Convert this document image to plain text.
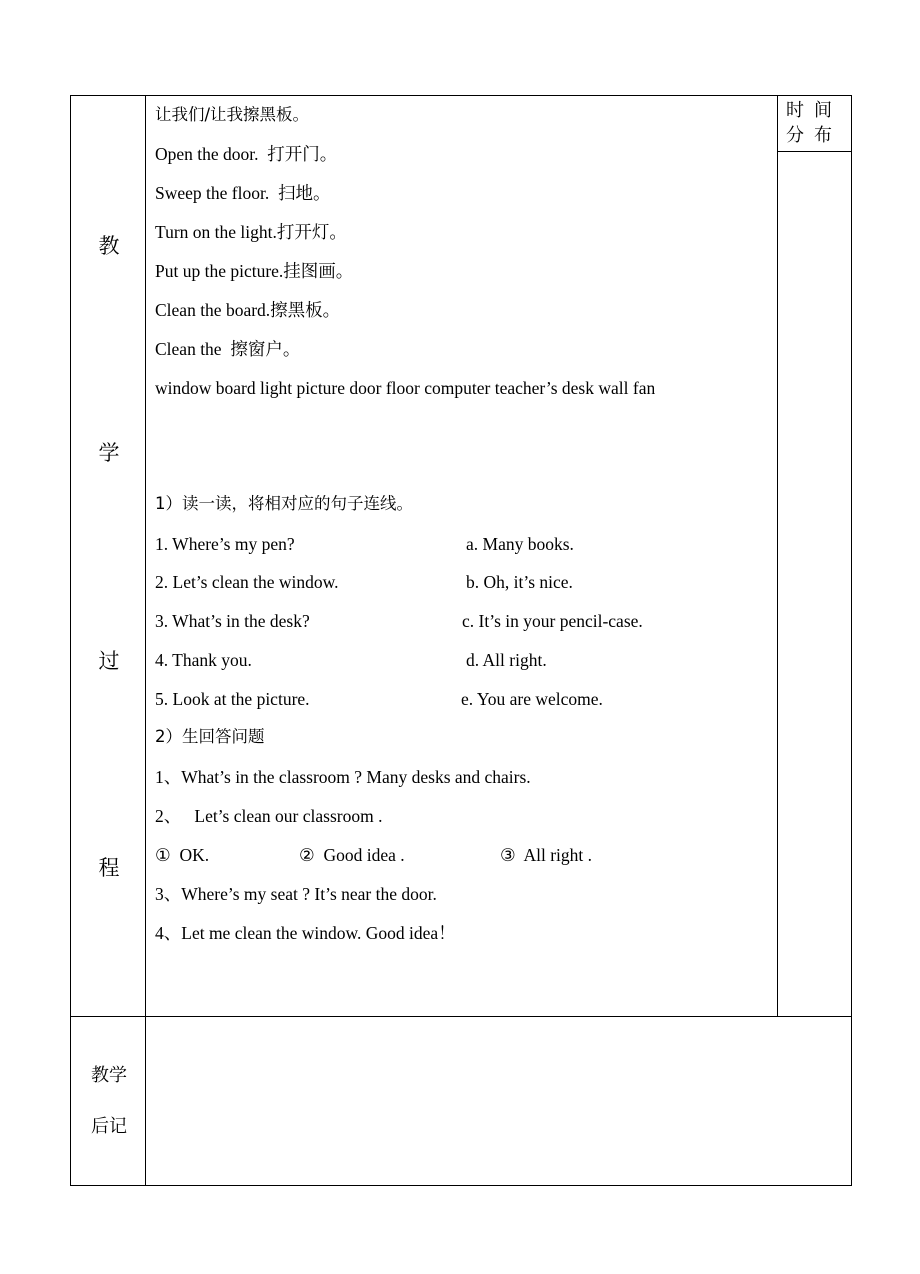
教
学
过
程
时间
分布
让我们/让我擦黑板。
Open the door.  打开门。
Sweep the floor.  扫地。
Turn on the light.打开灯。
Put up the picture.挂图画。
Clean the board.擦黑板。
Clean the  擦窗户。
window board light picture door floor computer teacher’s desk wall fan
1）读一读，将相对应的句子连线。
1. Where’s my pen?	a. Many books.
2. Let’s clean the window.	b. Oh, it’s nice.
3. What’s in the desk?	c. It’s in your pencil-case.
4. Thank you.	d. All right.
5. Look at the picture.	e. You are welcome.
2）生回答问题
1、What’s in the classroom ? Many desks and chairs.
2、   Let’s clean our classroom .
①  OK.	②  Good idea .	③  All right .
3、Where’s my seat ? It’s near the door.
4、Let me clean the window. Good idea！
教学
后记
